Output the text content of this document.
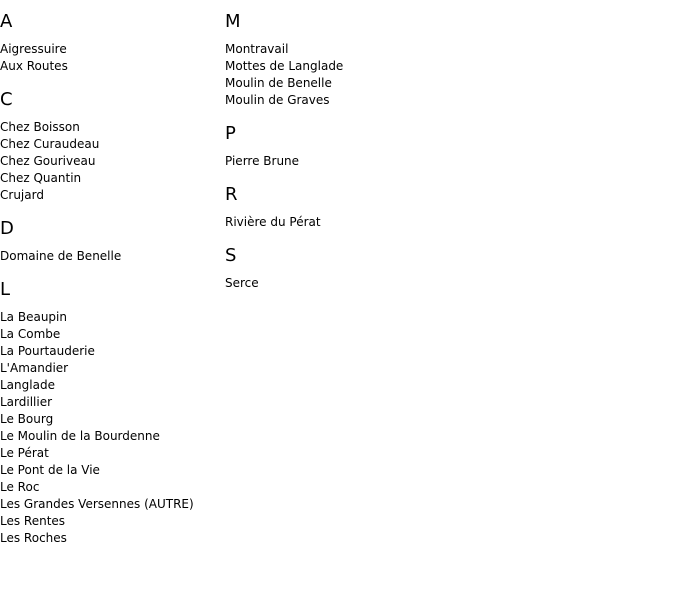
A
Aigressuire
Aux Routes
C
Chez Boisson
Chez Curaudeau
Chez Gouriveau
Chez Quantin
Crujard
D
Domaine de Benelle
L
La Beaupin
La Combe
La Pourtauderie
L'Amandier
Langlade
Lardillier
Le Bourg
Le Moulin de la Bourdenne
Le Pérat
Le Pont de la Vie
Le Roc
Les Grandes Versennes (AUTRE)
Les Rentes
Les Roches
M
Montravail
Mottes de Langlade
Moulin de Benelle
Moulin de Graves
P
Pierre Brune
R
Rivière du Pérat
S
Serce
